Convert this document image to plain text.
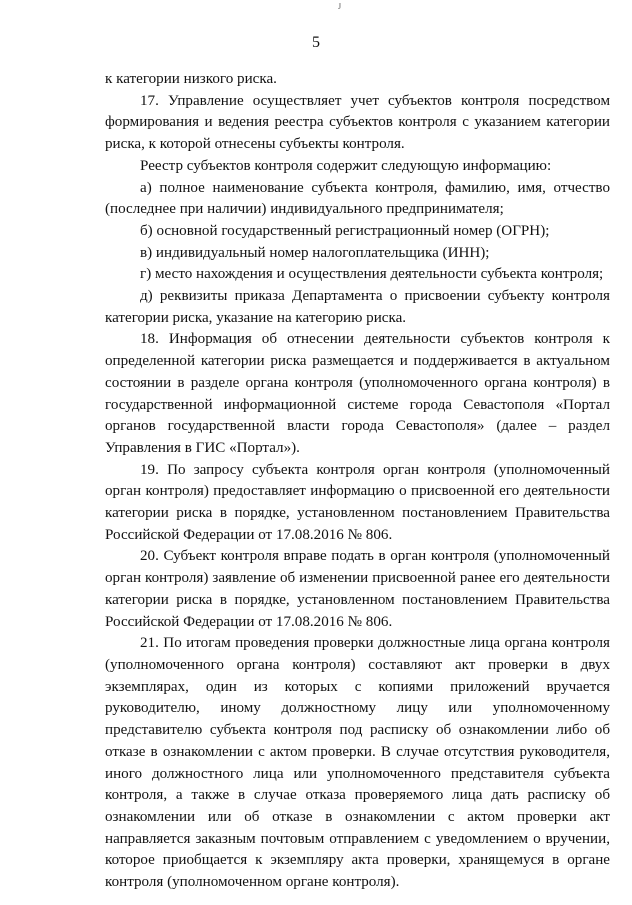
J
5

к категории низкого риска.

17. Управление осуществляет учет субъектов контроля посредством формирования и ведения реестра субъектов контроля с указанием категории риска, к которой отнесены субъекты контроля.

Реестр субъектов контроля содержит следующую информацию:

а) полное наименование субъекта контроля, фамилию, имя, отчество (последнее при наличии) индивидуального предпринимателя;

б) основной государственный регистрационный номер (ОГРН);

в) индивидуальный номер налогоплательщика (ИНН);

г) место нахождения и осуществления деятельности субъекта контроля;

д) реквизиты приказа Департамента о присвоении субъекту контроля категории риска, указание на категорию риска.

18. Информация об отнесении деятельности субъектов контроля к определенной категории риска размещается и поддерживается в актуальном состоянии в разделе органа контроля (уполномоченного органа контроля) в государственной информационной системе города Севастополя «Портал органов государственной власти города Севастополя» (далее – раздел Управления в ГИС «Портал»).

19. По запросу субъекта контроля орган контроля (уполномоченный орган контроля) предоставляет информацию о присвоенной его деятельности категории риска в порядке, установленном постановлением Правительства Российской Федерации от 17.08.2016 № 806.

20. Субъект контроля вправе подать в орган контроля (уполномоченный орган контроля) заявление об изменении присвоенной ранее его деятельности категории риска в порядке, установленном постановлением Правительства Российской Федерации от 17.08.2016 № 806.

21. По итогам проведения проверки должностные лица органа контроля (уполномоченного органа контроля) составляют акт проверки в двух экземплярах, один из которых с копиями приложений вручается руководителю, иному должностному лицу или уполномоченному представителю субъекта контроля под расписку об ознакомлении либо об отказе в ознакомлении с актом проверки. В случае отсутствия руководителя, иного должностного лица или уполномоченного представителя субъекта контроля, а также в случае отказа проверяемого лица дать расписку об ознакомлении или об отказе в ознакомлении с актом проверки акт направляется заказным почтовым отправлением с уведомлением о вручении, которое приобщается к экземпляру акта проверки, хранящемуся в органе контроля (уполномоченном органе контроля).
